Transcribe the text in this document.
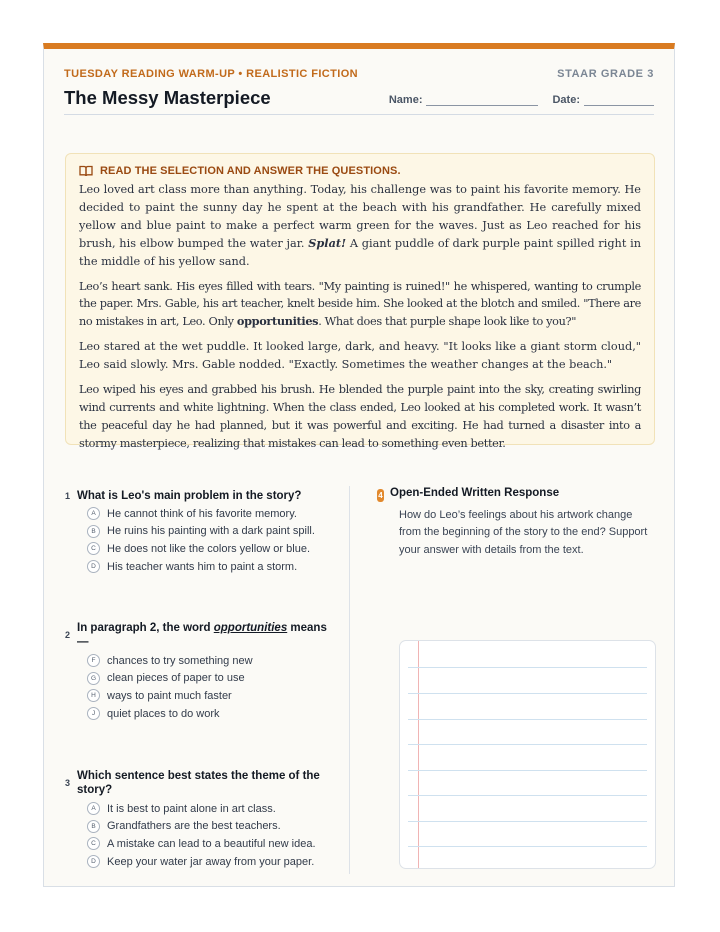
TUESDAY READING WARM-UP • REALISTIC FICTION	STAAR GRADE 3
The Messy Masterpiece	Name:	Date:
READ THE SELECTION AND ANSWER THE QUESTIONS.

Leo loved art class more than anything. Today, his challenge was to paint his favorite memory. He decided to paint the sunny day he spent at the beach with his grandfather. He carefully mixed yellow and blue paint to make a perfect warm green for the waves. Just as Leo reached for his brush, his elbow bumped the water jar. Splat! A giant puddle of dark purple paint spilled right in the middle of his yellow sand.

Leo’s heart sank. His eyes filled with tears. "My painting is ruined!" he whispered, wanting to crumple the paper. Mrs. Gable, his art teacher, knelt beside him. She looked at the blotch and smiled. "There are no mistakes in art, Leo. Only opportunities. What does that purple shape look like to you?"

Leo stared at the wet puddle. It looked large, dark, and heavy. "It looks like a giant storm cloud," Leo said slowly. Mrs. Gable nodded. "Exactly. Sometimes the weather changes at the beach."

Leo wiped his eyes and grabbed his brush. He blended the purple paint into the sky, creating swirling wind currents and white lightning. When the class ended, Leo looked at his completed work. It wasn’t the peaceful day he had planned, but it was powerful and exciting. He had turned a disaster into a stormy masterpiece, realizing that mistakes can lead to something even better.

1 What is Leo's main problem in the story?
A	He cannot think of his favorite memory.
B	He ruins his painting with a dark paint spill.
C	He does not like the colors yellow or blue.
D	His teacher wants him to paint a storm.
2
In paragraph 2, the word opportunities means —
F	chances to try something new
G clean pieces of paper to use
H	ways to paint much faster
J	quiet places to do work
3
Which sentence best states the theme of the story?
A	It is best to paint alone in art class.
B	Grandfathers are the best teachers.
C	A mistake can lead to a beautiful new idea.
D	Keep your water jar away from your paper.
4 Open-Ended Written Response
How do Leo’s feelings about his artwork change from the beginning of the story to the end? Support your answer with details from the text.
